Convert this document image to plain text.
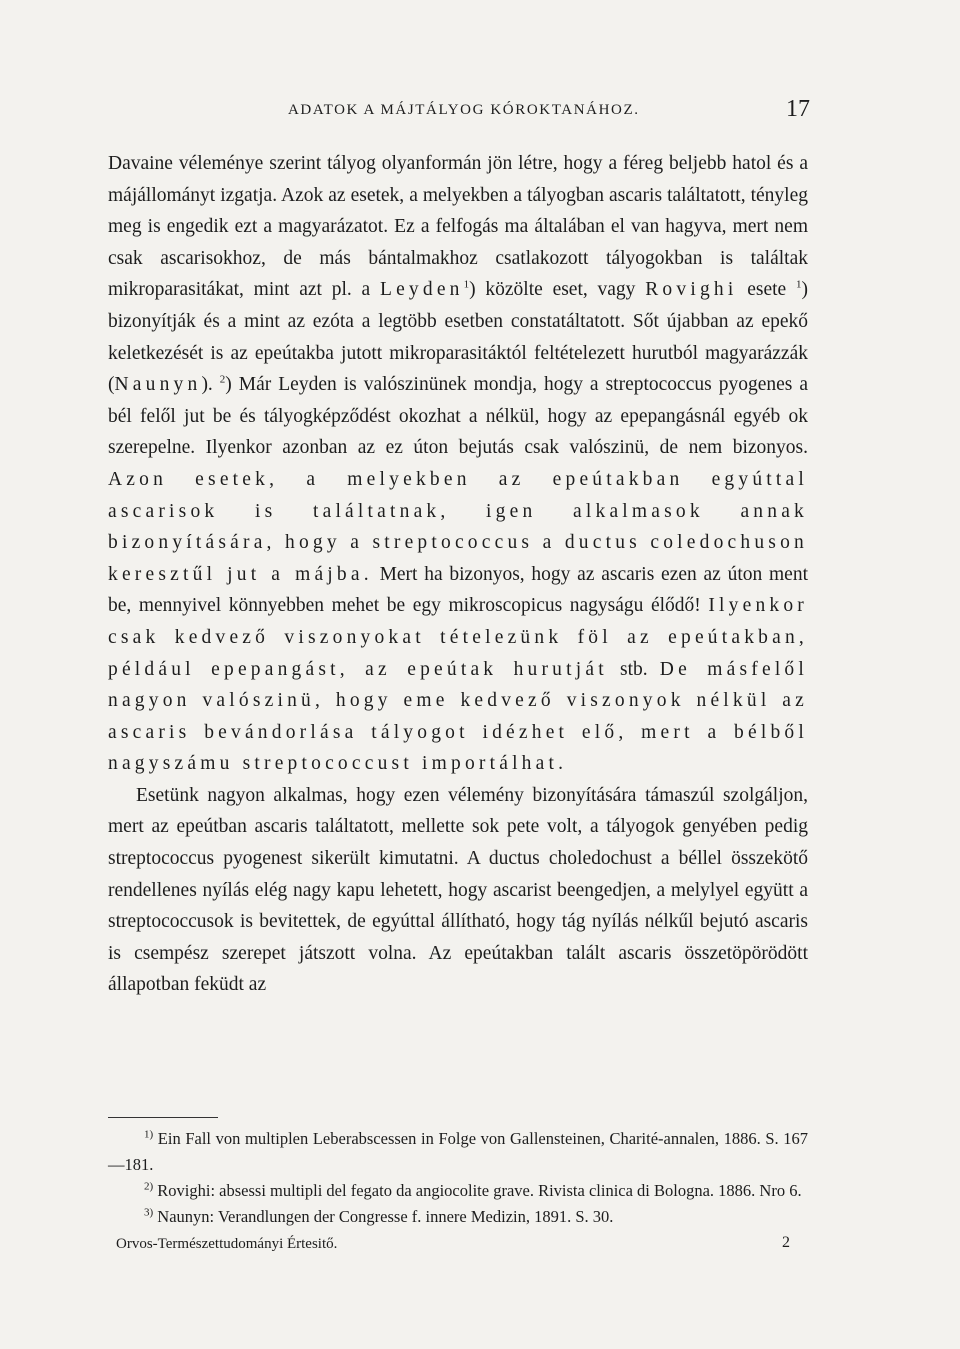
ADATOK A MÁJTÁLYOG KÓROKTANÁHOZ.	17

Davaine véleménye szerint tályog olyanformán jön létre, hogy a féreg beljebb hatol és a májállományt izgatja. Azok az esetek, a melyekben a tályogban ascaris találtatott, tényleg meg is engedik ezt a magyarázatot. Ez a felfogás ma általában el van hagyva, mert nem csak ascarisokhoz, de más bántalmakhoz csatlakozott tályogokban is találtak mikroparasitákat, mint azt pl. a Leyden$^1$) közölte eset, vagy Rovighi esete $^1$) bizonyítják és a mint az ezóta a legtöbb esetben constatáltatott. Sőt újabban az epekő keletkezését is az epeútakba jutott mikroparasitáktól feltételezett hurutból magyarázzák (Naunyn). $^2$) Már Leyden is valószinünek mondja, hogy a streptococcus pyogenes a bél felől jut be és tályogképződést okozhat a nélkül, hogy az epepangásnál egyéb ok szerepelne. Ilyenkor azonban az ez úton bejutás csak valószinü, de nem bizonyos. Azon esetek, a melyekben az epeútakban egyúttal ascarisok is találtatnak, igen alkalmasok annak bizonyítására, hogy a streptococcus a ductus coledochuson keresztűl jut a májba. Mert ha bizonyos, hogy az ascaris ezen az úton ment be, mennyivel könnyebben mehet be egy mikroscopicus nagyságu élődő! Ilyenkor csak kedvező viszonyokat tételezünk föl az epeútakban, például epepangást, az epeútak hurutját stb. De másfelől nagyon valószinü, hogy eme kedvező viszonyok nélkül az ascaris bevándorlása tályogot idézhet elő, mert a bélből nagyszámu streptococcust importálhat.

Esetünk nagyon alkalmas, hogy ezen vélemény bizonyítására támaszúl szolgáljon, mert az epeútban ascaris találtatott, mellette sok pete volt, a tályogok genyében pedig streptococcus pyogenest sikerült kimutatni. A ductus choledochust a béllel összekötő rendellenes nyílás elég nagy kapu lehetett, hogy ascarist beengedjen, a melylyel együtt a streptococcusok is bevitettek, de egyúttal állítható, hogy tág nyílás nélkűl bejutó ascaris is csempész szerepet játszott volna. Az epeútakban talált ascaris összetöpörödött állapotban feküdt az

$^{1)}$ Ein Fall von multiplen Leberabscessen in Folge von Gallensteinen, Charité-annalen, 1886. S. 167—181.

$^{2)}$ Rovighi: absessi multipli del fegato da angiocolite grave. Rivista clinica di Bologna. 1886. Nro 6.

$^{3)}$ Naunyn: Verandlungen der Congresse f. innere Medizin, 1891. S. 30.

Orvos-Természettudományi Értesitő.	2
